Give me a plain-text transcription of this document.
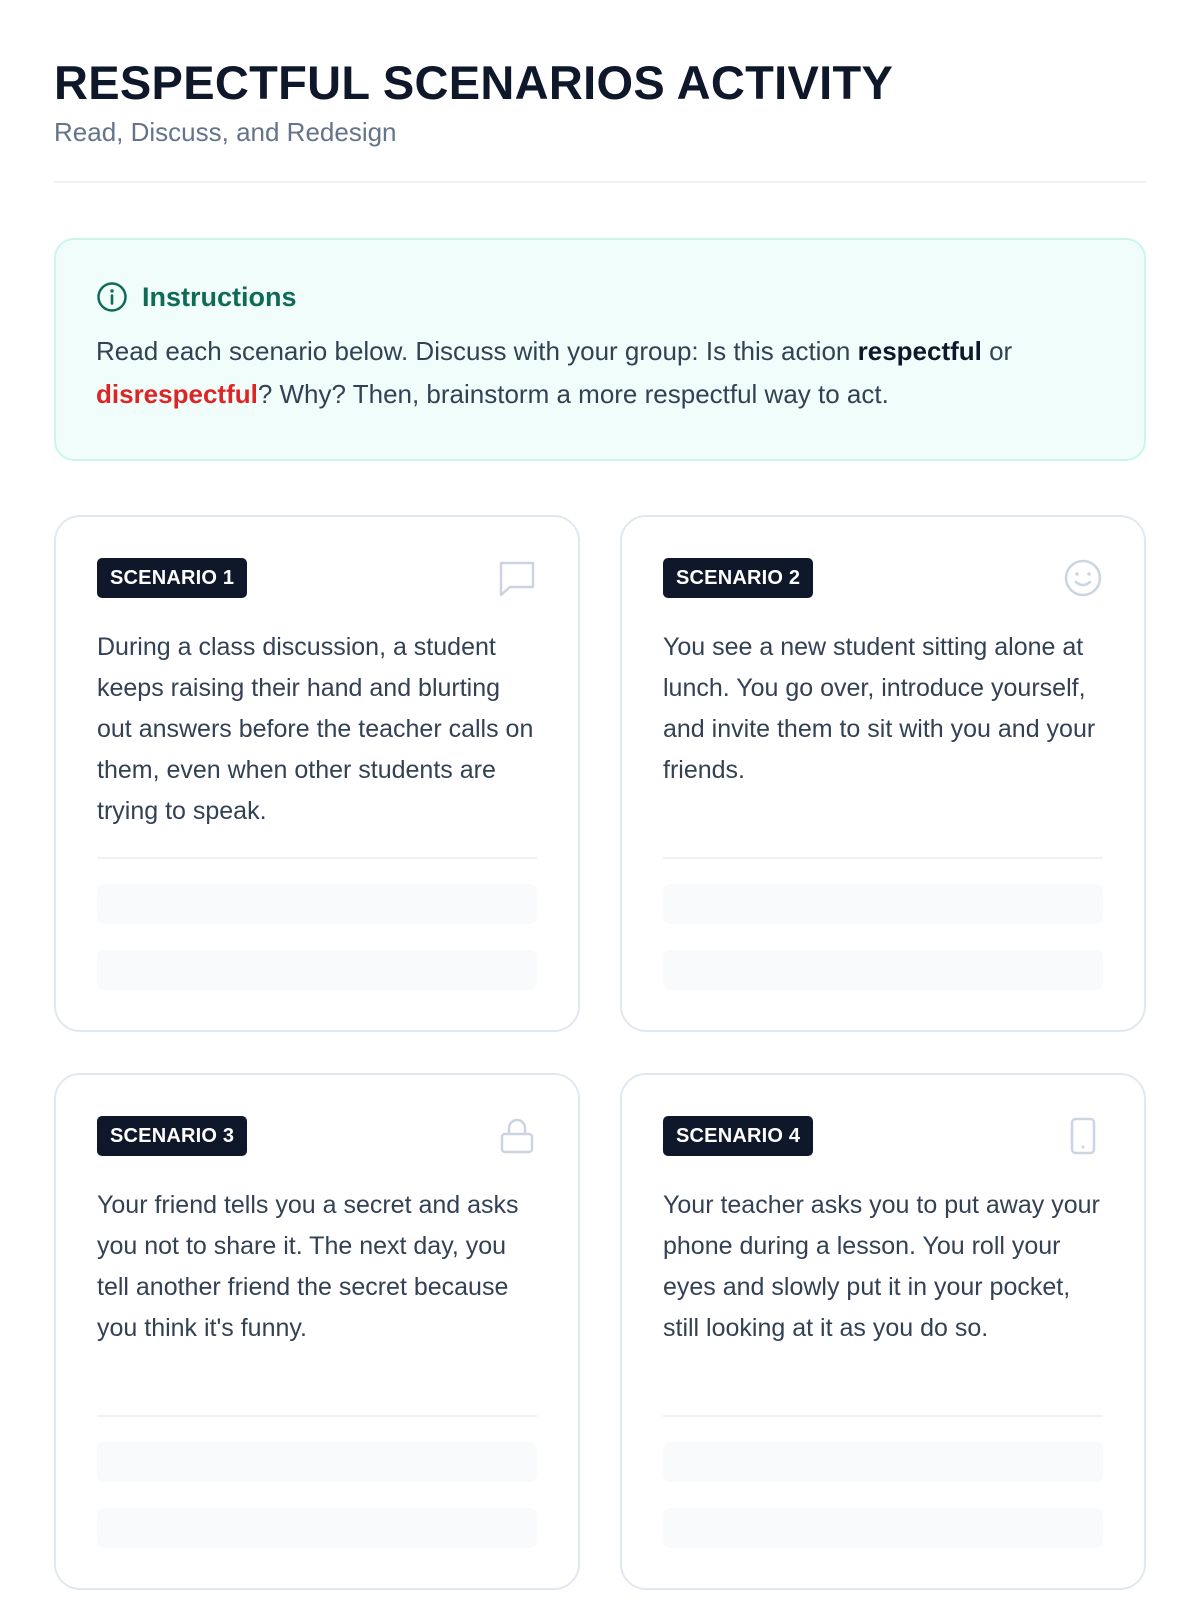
RESPECTFUL SCENARIOS ACTIVITY
Read, Discuss, and Redesign
Instructions

Read each scenario below. Discuss with your group: Is this action respectful or disrespectful? Why? Then, brainstorm a more respectful way to act.

SCENARIO 1

During a class discussion, a student keeps raising their hand and blurting out answers before the teacher calls on them, even when other students are trying to speak.

SCENARIO 2

You see a new student sitting alone at lunch. You go over, introduce yourself, and invite them to sit with you and your friends.

SCENARIO 3

Your friend tells you a secret and asks you not to share it. The next day, you tell another friend the secret because you think it's funny.

SCENARIO 4

Your teacher asks you to put away your phone during a lesson. You roll your eyes and slowly put it in your pocket, still looking at it as you do so.
